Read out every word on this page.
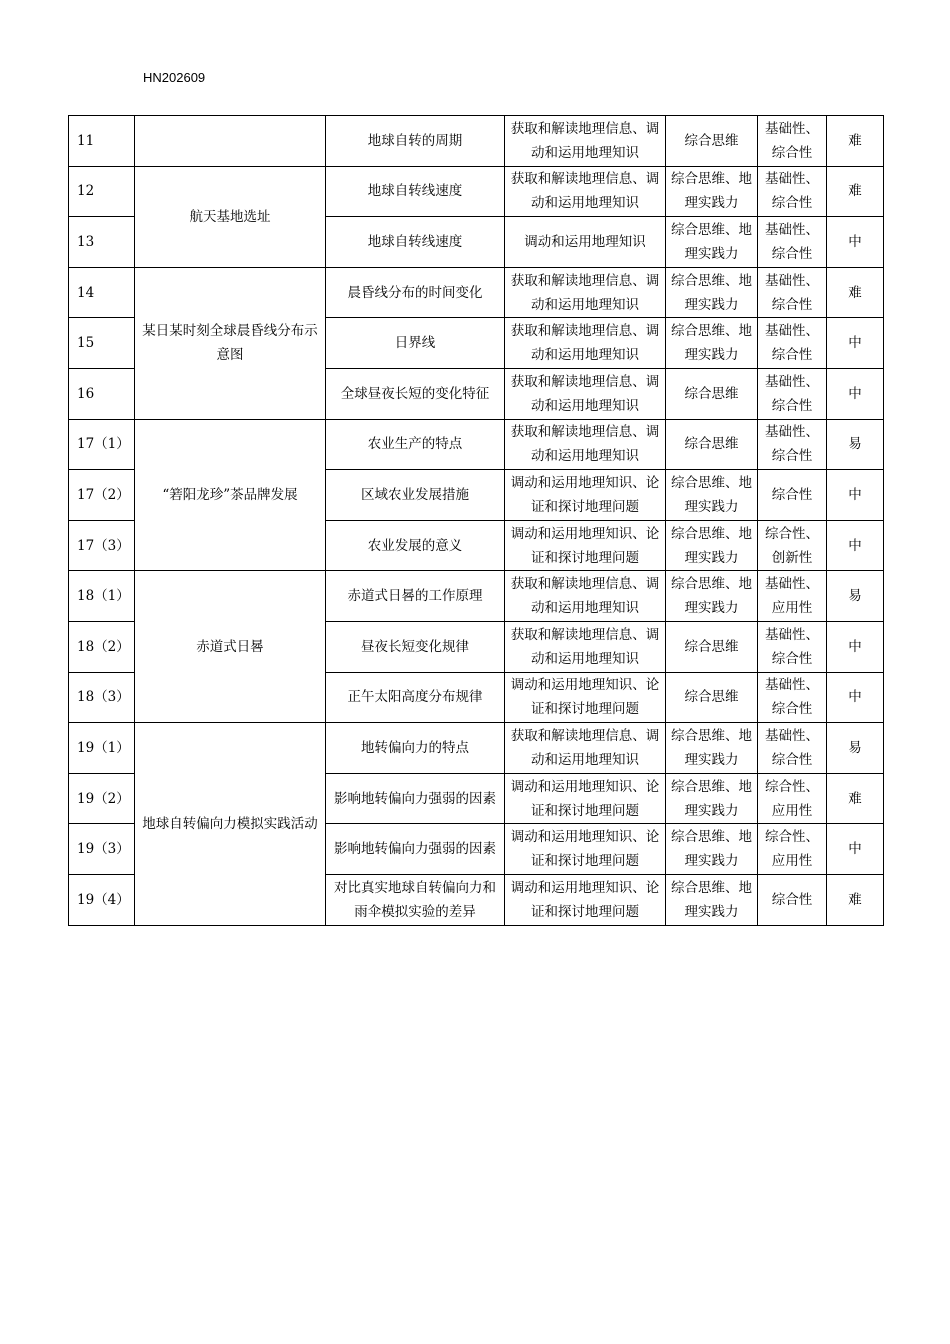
HN202609
11		地球自转的周期	获取和解读地理信息、调动和运用地理知识	综合思维	基础性、综合性	难
12	航天基地选址	地球自转线速度	获取和解读地理信息、调动和运用地理知识	综合思维、地理实践力	基础性、综合性	难
13		地球自转线速度	调动和运用地理知识	综合思维、地理实践力	基础性、综合性	中
14	某日某时刻全球晨昏线分布示意图	晨昏线分布的时间变化	获取和解读地理信息、调动和运用地理知识	综合思维、地理实践力	基础性、综合性	难
15		日界线	获取和解读地理信息、调动和运用地理知识	综合思维、地理实践力	基础性、综合性	中
16		全球昼夜长短的变化特征	获取和解读地理信息、调动和运用地理知识	综合思维	基础性、综合性	中
17（1）	“箬阳龙珍”茶品牌发展	农业生产的特点	获取和解读地理信息、调动和运用地理知识	综合思维	基础性、综合性	易
17（2）		区域农业发展措施	调动和运用地理知识、论证和探讨地理问题	综合思维、地理实践力	综合性	中
17（3）		农业发展的意义	调动和运用地理知识、论证和探讨地理问题	综合思维、地理实践力	综合性、创新性	中
18（1）	赤道式日晷	赤道式日晷的工作原理	获取和解读地理信息、调动和运用地理知识	综合思维、地理实践力	基础性、应用性	易
18（2）		昼夜长短变化规律	获取和解读地理信息、调动和运用地理知识	综合思维	基础性、综合性	中
18（3）		正午太阳高度分布规律	调动和运用地理知识、论证和探讨地理问题	综合思维	基础性、综合性	中
19（1）	地球自转偏向力模拟实践活动	地转偏向力的特点	获取和解读地理信息、调动和运用地理知识	综合思维、地理实践力	基础性、综合性	易
19（2）		影响地转偏向力强弱的因素	调动和运用地理知识、论证和探讨地理问题	综合思维、地理实践力	综合性、应用性	难
19（3）		影响地转偏向力强弱的因素	调动和运用地理知识、论证和探讨地理问题	综合思维、地理实践力	综合性、应用性	中
19（4）		对比真实地球自转偏向力和雨伞模拟实验的差异	调动和运用地理知识、论证和探讨地理问题	综合思维、地理实践力	综合性	难
